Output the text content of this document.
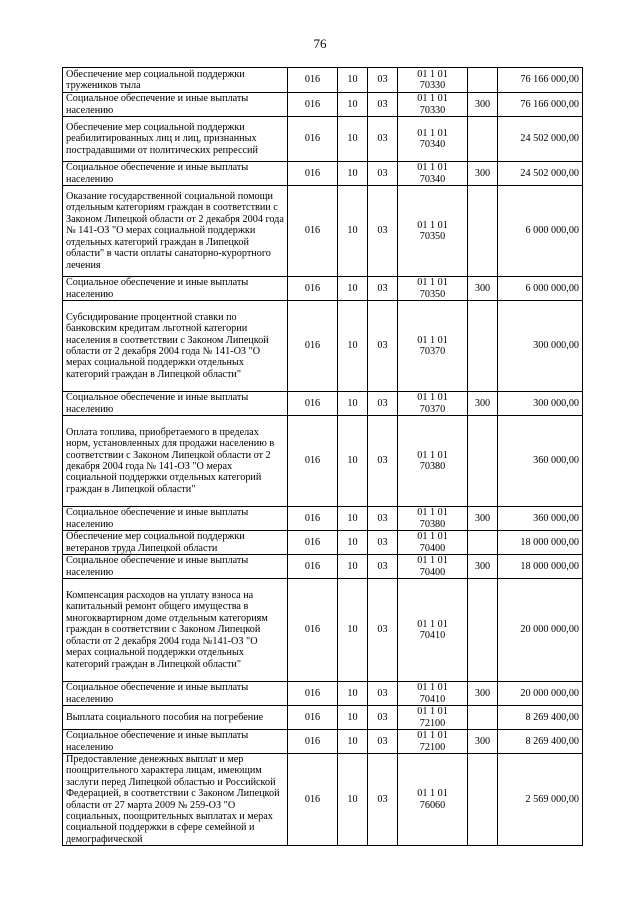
76
Обеспечение мер социальной поддержки тружеников тыла	016	10	03	01 1 01
70330		76 166 000,00
Социальное обеспечение и иные выплаты населению	016	10	03	01 1 01
70330	300	76 166 000,00
Обеспечение мер социальной поддержки реабилитированных лиц и лиц, признанных пострадавшими от политических репрессий	016	10	03	01 1 01
70340		24 502 000,00
Социальное обеспечение и иные выплаты населению	016	10	03	01 1 01
70340	300	24 502 000,00
Оказание государственной социальной помощи отдельным категориям граждан в соответствии с Законом Липецкой области от 2 декабря 2004 года № 141-ОЗ "О мерах социальной поддержки отдельных категорий граждан в Липецкой области" в части оплаты санаторно-курортного лечения	016	10	03	01 1 01
70350		6 000 000,00
Социальное обеспечение и иные выплаты населению	016	10	03	01 1 01
70350	300	6 000 000,00
Субсидирование процентной ставки по банковским кредитам льготной категории населения в соответствии с Законом Липецкой области от 2 декабря 2004 года № 141-ОЗ "О мерах социальной поддержки отдельных категорий граждан в Липецкой области"	016	10	03	01 1 01
70370		300 000,00
Социальное обеспечение и иные выплаты населению	016	10	03	01 1 01
70370	300	300 000,00
Оплата топлива, приобретаемого в пределах норм, установленных для продажи населению в соответствии с Законом Липецкой области от 2 декабря 2004 года № 141-ОЗ "О мерах социальной поддержки отдельных категорий граждан в Липецкой области"	016	10	03	01 1 01
70380		360 000,00
Социальное обеспечение и иные выплаты населению	016	10	03	01 1 01
70380	300	360 000,00
Обеспечение мер социальной поддержки ветеранов труда Липецкой области	016	10	03	01 1 01
70400		18 000 000,00
Социальное обеспечение и иные выплаты населению	016	10	03	01 1 01
70400	300	18 000 000,00
Компенсация расходов на уплату взноса на капитальный ремонт общего имущества в многоквартирном доме отдельным категориям граждан в соответствии с Законом Липецкой области от 2 декабря 2004 года №141-ОЗ "О мерах социальной поддержки отдельных категорий граждан в Липецкой области"	016	10	03	01 1 01
70410		20 000 000,00
Социальное обеспечение и иные выплаты населению	016	10	03	01 1 01
70410	300	20 000 000,00
Выплата социального пособия на погребение	016	10	03	01 1 01
72100		8 269 400,00
Социальное обеспечение и иные выплаты населению	016	10	03	01 1 01
72100	300	8 269 400,00
Предоставление денежных выплат и мер поощрительного характера лицам, имеющим заслуги перед Липецкой областью и Российской Федерацией, в соответствии с Законом Липецкой области от 27 марта 2009 № 259-ОЗ "О социальных, поощрительных выплатах и мерах социальной поддержки в сфере семейной и демографической	016	10	03	01 1 01
76060		2 569 000,00
